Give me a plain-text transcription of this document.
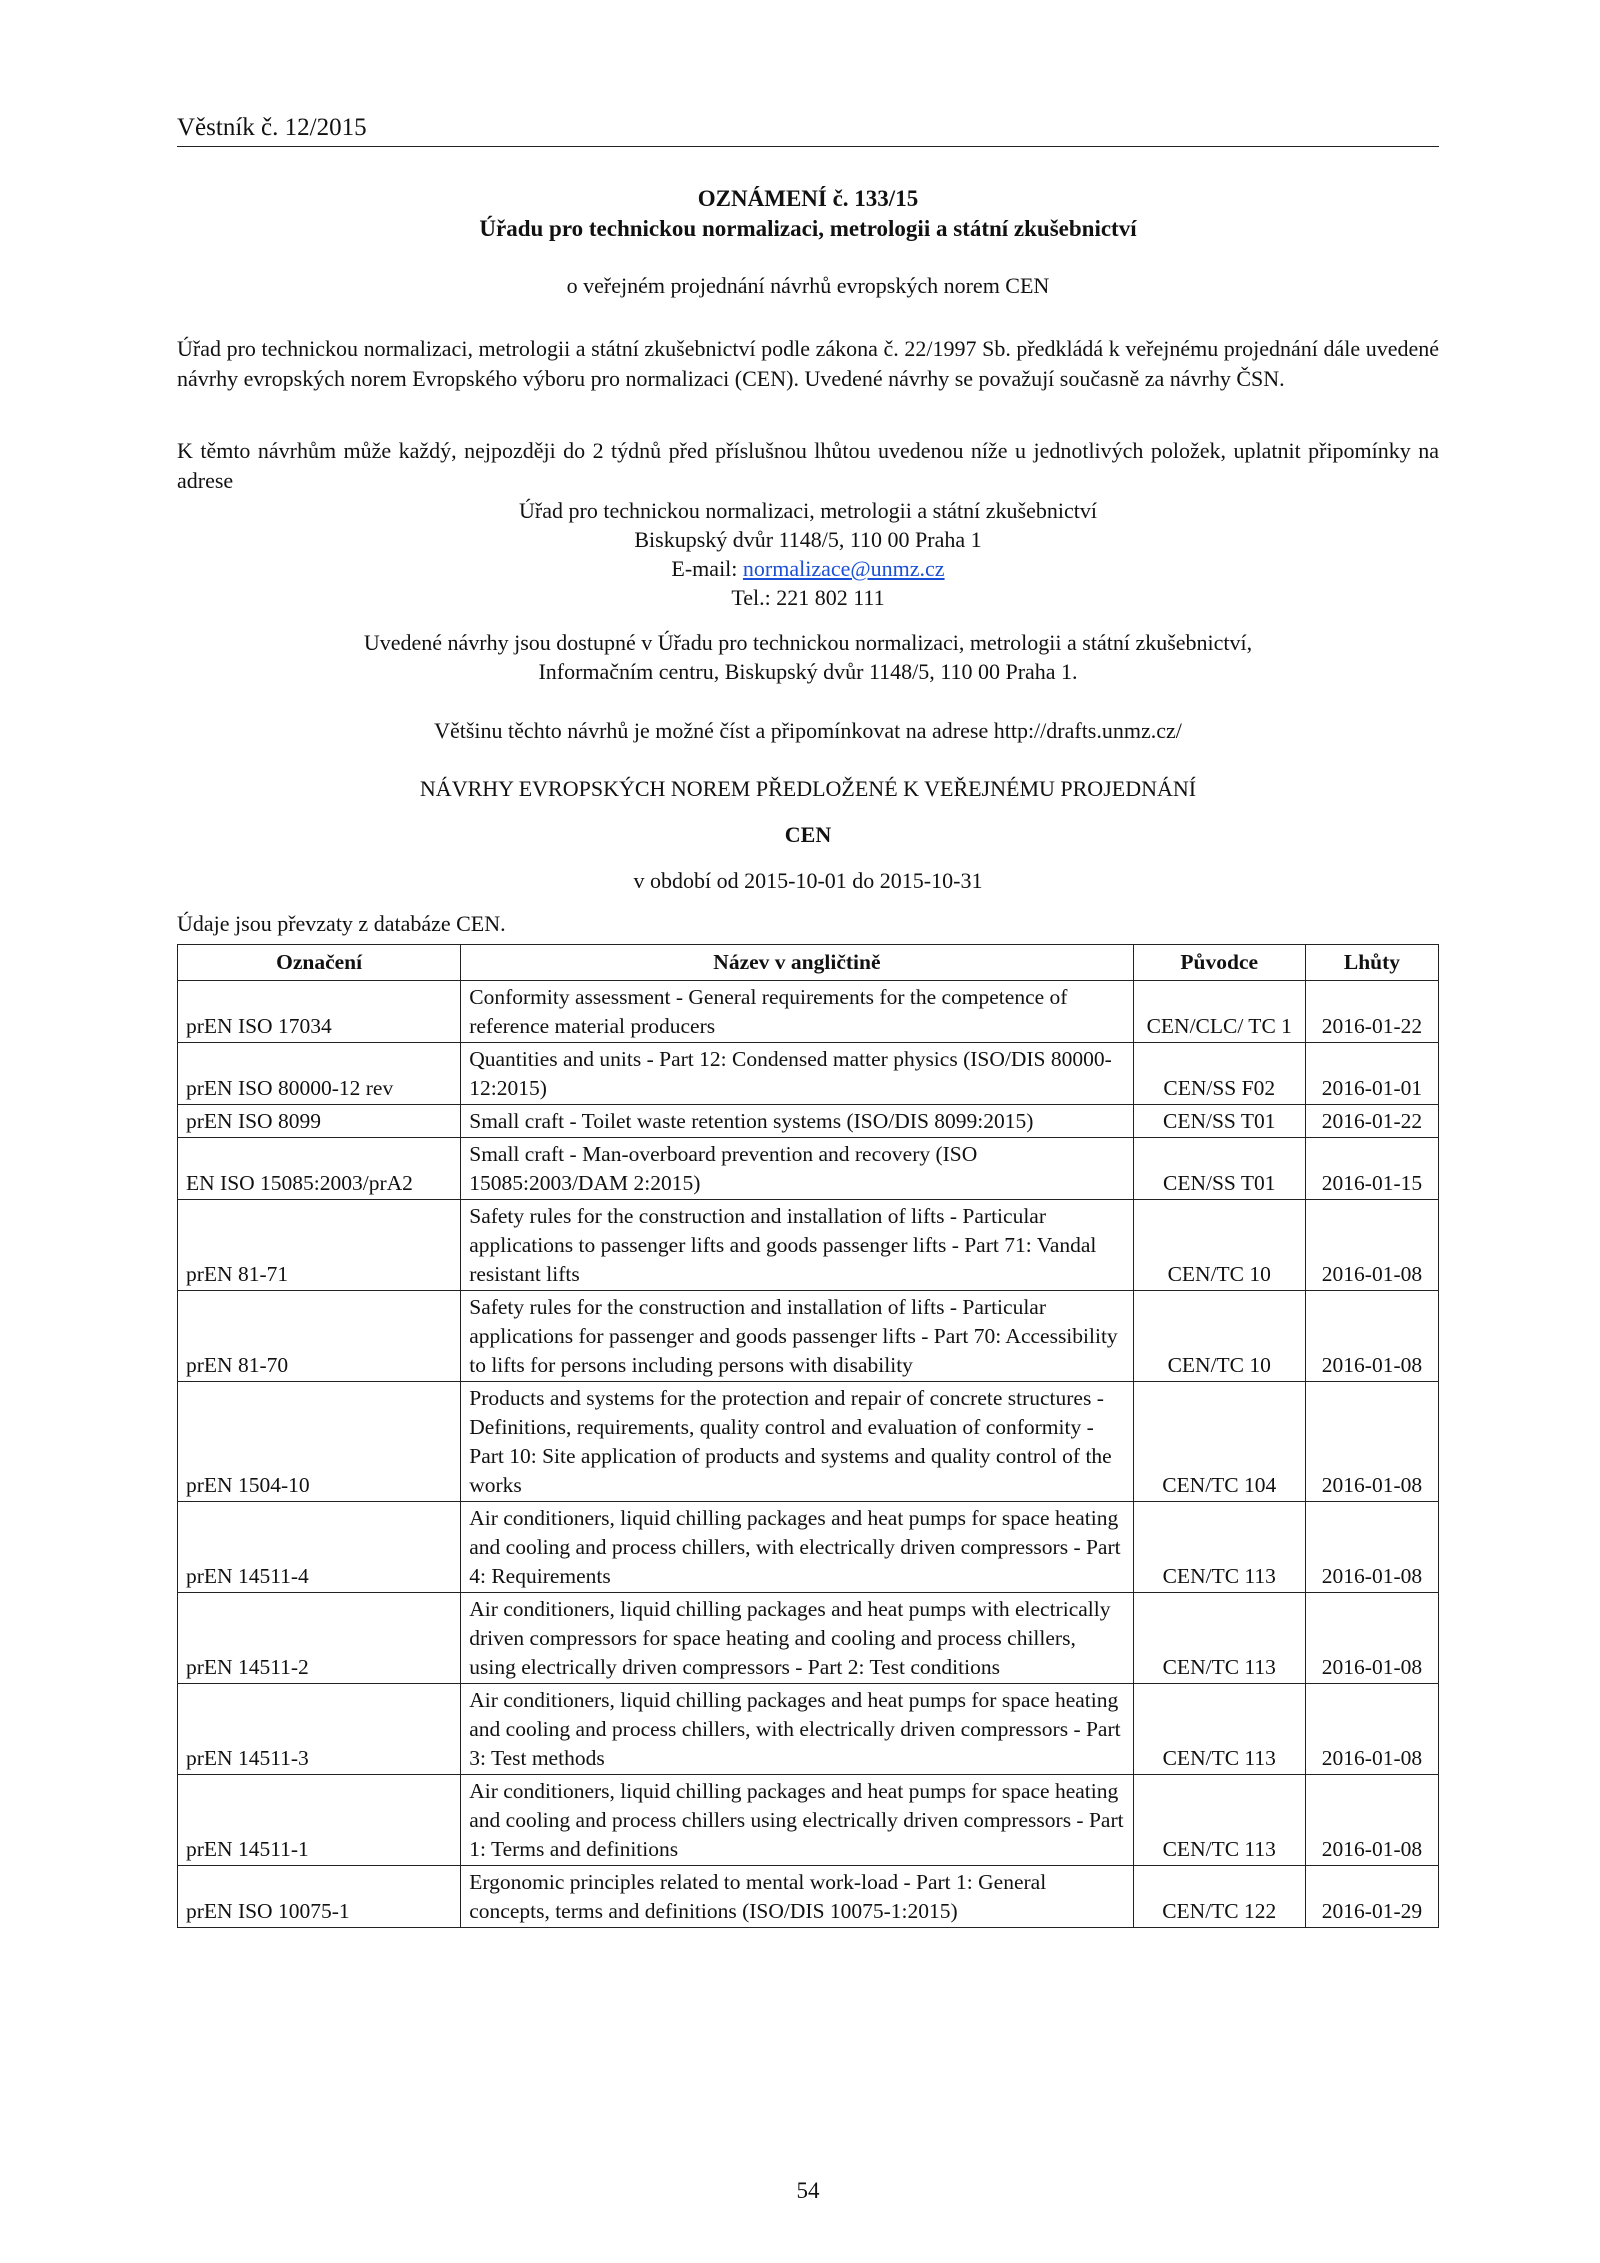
Věstník č. 12/2015
OZNÁMENÍ č. 133/15
Úřadu pro technickou normalizaci, metrologii a státní zkušebnictví
o veřejném projednání návrhů evropských norem CEN
Úřad pro technickou normalizaci, metrologii a státní zkušebnictví podle zákona č. 22/1997 Sb. předkládá k veřejnému projednání dále uvedené návrhy evropských norem Evropského výboru pro normalizaci (CEN). Uvedené návrhy se považují současně za návrhy ČSN.
K těmto návrhům může každý, nejpozději do 2 týdnů před příslušnou lhůtou uvedenou níže u jednotlivých položek, uplatnit připomínky na adrese
Úřad pro technickou normalizaci, metrologii a státní zkušebnictví
Biskupský dvůr 1148/5, 110 00 Praha 1
E-mail: normalizace@unmz.cz
Tel.: 221 802 111
Uvedené návrhy jsou dostupné v Úřadu pro technickou normalizaci, metrologii a státní zkušebnictví,
Informačním centru, Biskupský dvůr 1148/5, 110 00 Praha 1.
Většinu těchto návrhů je možné číst a připomínkovat na adrese http://drafts.unmz.cz/
NÁVRHY EVROPSKÝCH NOREM PŘEDLOŽENÉ K VEŘEJNÉMU PROJEDNÁNÍ
CEN
v období od 2015-10-01 do 2015-10-31
Údaje jsou převzaty z databáze CEN.
Označení	Název v angličtině	Původce	Lhůty
prEN ISO 17034	Conformity assessment - General requirements for the competence of reference material producers	CEN/CLC/ TC 1	2016-01-22
prEN ISO 80000-12 rev	Quantities and units - Part 12: Condensed matter physics (ISO/DIS 80000-12:2015)	CEN/SS F02	2016-01-01
prEN ISO 8099	Small craft - Toilet waste retention systems (ISO/DIS 8099:2015)	CEN/SS T01	2016-01-22
EN ISO 15085:2003/prA2	Small craft - Man-overboard prevention and recovery (ISO 15085:2003/DAM 2:2015)	CEN/SS T01	2016-01-15
prEN 81-71	Safety rules for the construction and installation of lifts - Particular applications to passenger lifts and goods passenger lifts - Part 71: Vandal resistant lifts	CEN/TC 10	2016-01-08
prEN 81-70	Safety rules for the construction and installation of lifts - Particular applications for passenger and goods passenger lifts - Part 70: Accessibility to lifts for persons including persons with disability	CEN/TC 10	2016-01-08
prEN 1504-10	Products and systems for the protection and repair of concrete structures - Definitions, requirements, quality control and evaluation of conformity - Part 10: Site application of products and systems and quality control of the works	CEN/TC 104	2016-01-08
prEN 14511-4	Air conditioners, liquid chilling packages and heat pumps for space heating and cooling and process chillers, with electrically driven compressors - Part 4: Requirements	CEN/TC 113	2016-01-08
prEN 14511-2	Air conditioners, liquid chilling packages and heat pumps with electrically driven compressors for space heating and cooling and process chillers, using electrically driven compressors - Part 2: Test conditions	CEN/TC 113	2016-01-08
prEN 14511-3	Air conditioners, liquid chilling packages and heat pumps for space heating and cooling and process chillers, with electrically driven compressors - Part 3: Test methods	CEN/TC 113	2016-01-08
prEN 14511-1	Air conditioners, liquid chilling packages and heat pumps for space heating and cooling and process chillers using electrically driven compressors - Part 1: Terms and definitions	CEN/TC 113	2016-01-08
prEN ISO 10075-1	Ergonomic principles related to mental work-load - Part 1: General concepts, terms and definitions (ISO/DIS 10075-1:2015)	CEN/TC 122	2016-01-29
54
